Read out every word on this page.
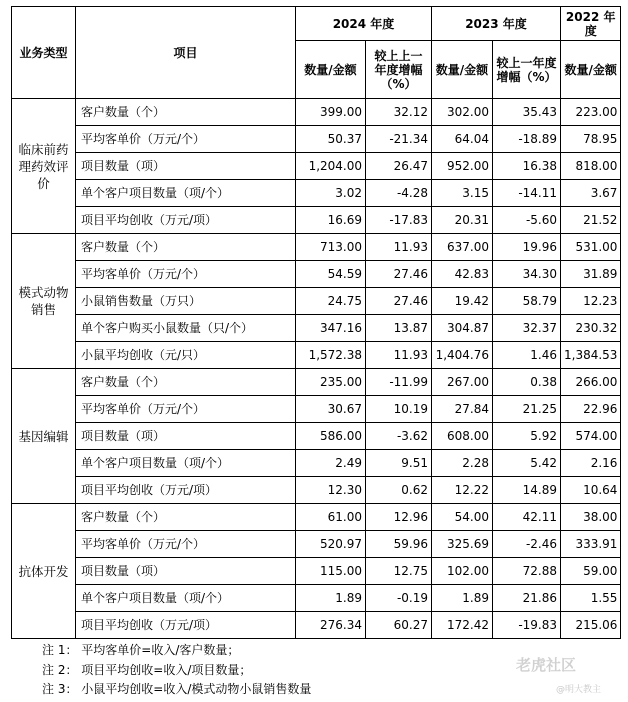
业务类型	项目	2024 年度		2023 年度		2022 年度
		数量/金额	较上上一年度增幅（%）	数量/金额	较上一年度增幅（%）	数量/金额
临床前药理药效评价	客户数量（个）	399.00	32.12	302.00	35.43	223.00
	平均客单价（万元/个）	50.37	-21.34	64.04	-18.89	78.95
	项目数量（项）	1,204.00	26.47	952.00	16.38	818.00
	单个客户项目数量（项/个）	3.02	-4.28	3.15	-14.11	3.67
	项目平均创收（万元/项）	16.69	-17.83	20.31	-5.60	21.52
模式动物销售	客户数量（个）	713.00	11.93	637.00	19.96	531.00
	平均客单价（万元/个）	54.59	27.46	42.83	34.30	31.89
	小鼠销售数量（万只）	24.75	27.46	19.42	58.79	12.23
	单个客户购买小鼠数量（只/个）	347.16	13.87	304.87	32.37	230.32
	小鼠平均创收（元/只）	1,572.38	11.93	1,404.76	1.46	1,384.53
基因编辑	客户数量（个）	235.00	-11.99	267.00	0.38	266.00
	平均客单价（万元/个）	30.67	10.19	27.84	21.25	22.96
	项目数量（项）	586.00	-3.62	608.00	5.92	574.00
	单个客户项目数量（项/个）	2.49	9.51	2.28	5.42	2.16
	项目平均创收（万元/项）	12.30	0.62	12.22	14.89	10.64
抗体开发	客户数量（个）	61.00	12.96	54.00	42.11	38.00
	平均客单价（万元/个）	520.97	59.96	325.69	-2.46	333.91
	项目数量（项）	115.00	12.75	102.00	72.88	59.00
	单个客户项目数量（项/个）	1.89	-0.19	1.89	21.86	1.55
	项目平均创收（万元/项）	276.34	60.27	172.42	-19.83	215.06
注 1： 平均客单价=收入/客户数量；
注 2： 项目平均创收=收入/项目数量；
注 3： 小鼠平均创收=收入/模式动物小鼠销售数量
老虎社区
@明大教主
